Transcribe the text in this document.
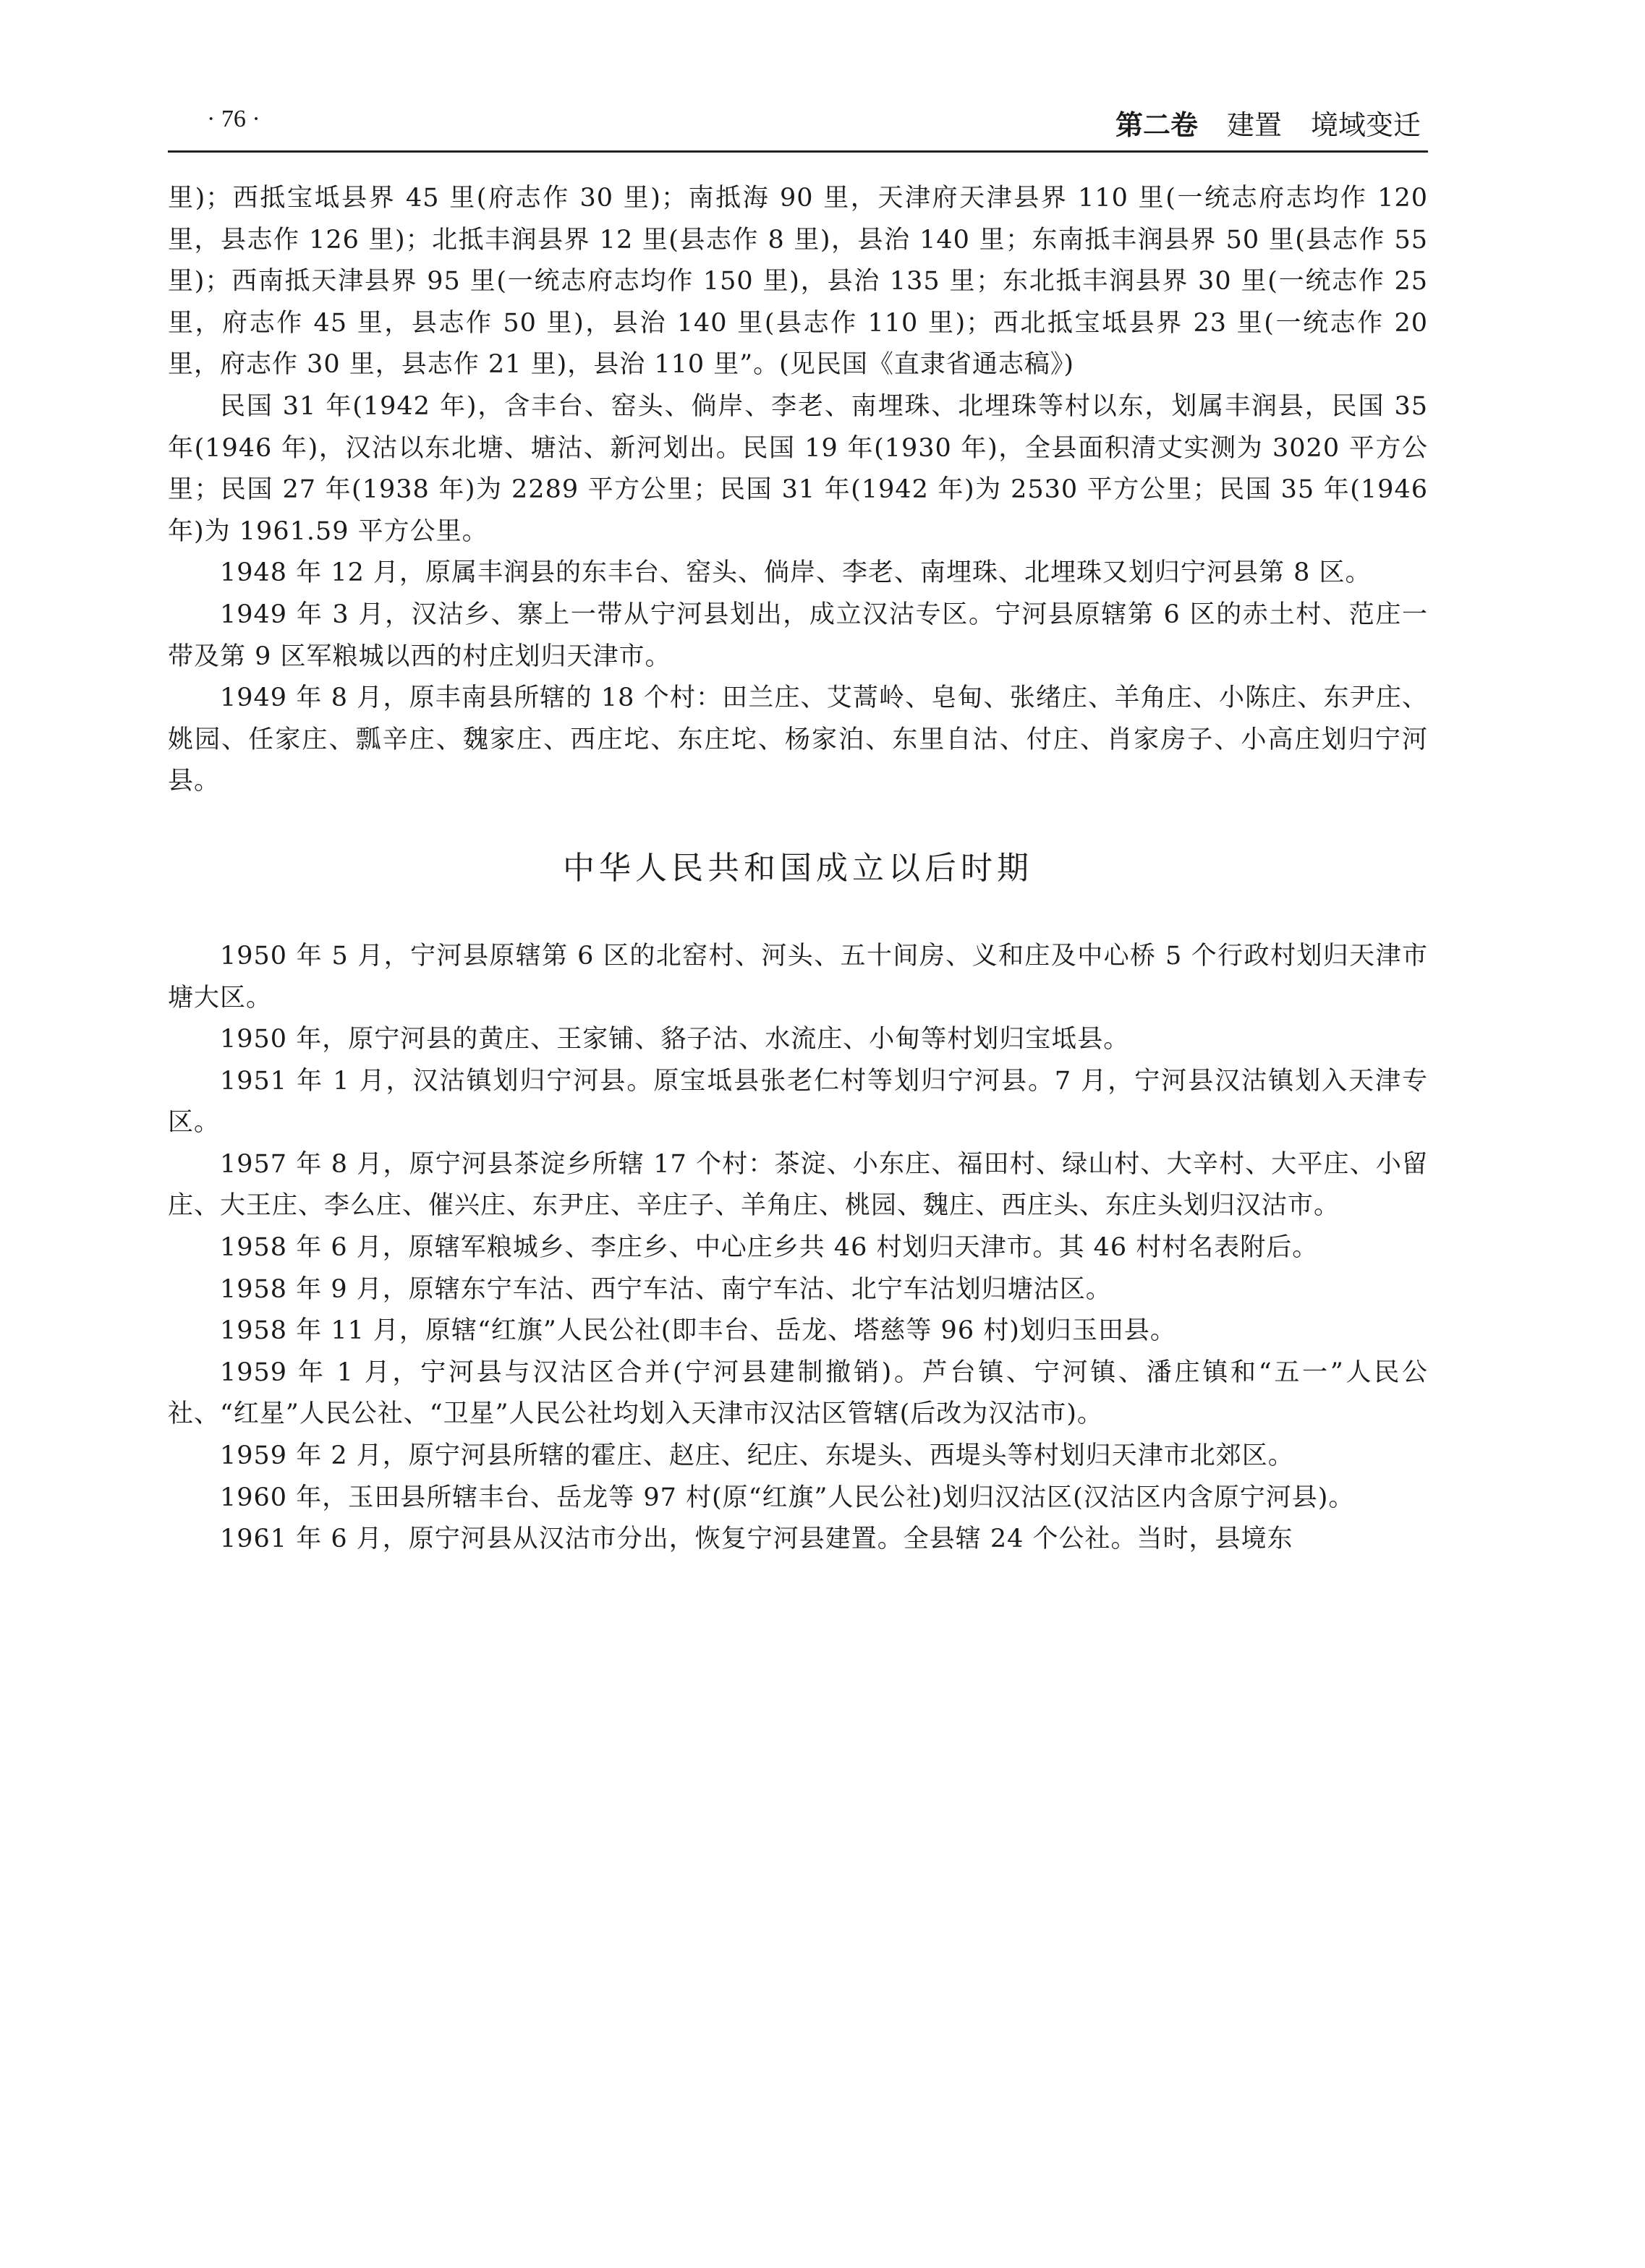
· 76 ·	第二卷 建置 境域变迁

里)；西抵宝坻县界 45 里(府志作 30 里)；南抵海 90 里，天津府天津县界 110 里(一统志府志均作 120 里，县志作 126 里)；北抵丰润县界 12 里(县志作 8 里)，县治 140 里；东南抵丰润县界 50 里(县志作 55 里)；西南抵天津县界 95 里(一统志府志均作 150 里)，县治 135 里；东北抵丰润县界 30 里(一统志作 25 里，府志作 45 里，县志作 50 里)，县治 140 里(县志作 110 里)；西北抵宝坻县界 23 里(一统志作 20 里，府志作 30 里，县志作 21 里)，县治 110 里”。(见民国《直隶省通志稿》)

民国 31 年(1942 年)，含丰台、窑头、倘岸、李老、南埋珠、北埋珠等村以东，划属丰润县，民国 35 年(1946 年)，汉沽以东北塘、塘沽、新河划出。民国 19 年(1930 年)，全县面积清丈实测为 3020 平方公里；民国 27 年(1938 年)为 2289 平方公里；民国 31 年(1942 年)为 2530 平方公里；民国 35 年(1946 年)为 1961.59 平方公里。

1948 年 12 月，原属丰润县的东丰台、窑头、倘岸、李老、南埋珠、北埋珠又划归宁河县第 8 区。

1949 年 3 月，汉沽乡、寨上一带从宁河县划出，成立汉沽专区。宁河县原辖第 6 区的赤土村、范庄一带及第 9 区军粮城以西的村庄划归天津市。

1949 年 8 月，原丰南县所辖的 18 个村：田兰庄、艾蒿岭、皂甸、张绪庄、羊角庄、小陈庄、东尹庄、姚园、任家庄、瓢辛庄、魏家庄、西庄坨、东庄坨、杨家泊、东里自沽、付庄、肖家房子、小高庄划归宁河县。

中华人民共和国成立以后时期

1950 年 5 月，宁河县原辖第 6 区的北窑村、河头、五十间房、义和庄及中心桥 5 个行政村划归天津市塘大区。

1950 年，原宁河县的黄庄、王家铺、貉子沽、水流庄、小甸等村划归宝坻县。

1951 年 1 月，汉沽镇划归宁河县。原宝坻县张老仁村等划归宁河县。7 月，宁河县汉沽镇划入天津专区。

1957 年 8 月，原宁河县茶淀乡所辖 17 个村：茶淀、小东庄、福田村、绿山村、大辛村、大平庄、小留庄、大王庄、李么庄、催兴庄、东尹庄、辛庄子、羊角庄、桃园、魏庄、西庄头、东庄头划归汉沽市。

1958 年 6 月，原辖军粮城乡、李庄乡、中心庄乡共 46 村划归天津市。其 46 村村名表附后。

1958 年 9 月，原辖东宁车沽、西宁车沽、南宁车沽、北宁车沽划归塘沽区。

1958 年 11 月，原辖“红旗”人民公社(即丰台、岳龙、塔慈等 96 村)划归玉田县。

1959 年 1 月，宁河县与汉沽区合并(宁河县建制撤销)。芦台镇、宁河镇、潘庄镇和“五一”人民公社、“红星”人民公社、“卫星”人民公社均划入天津市汉沽区管辖(后改为汉沽市)。

1959 年 2 月，原宁河县所辖的霍庄、赵庄、纪庄、东堤头、西堤头等村划归天津市北郊区。

1960 年，玉田县所辖丰台、岳龙等 97 村(原“红旗”人民公社)划归汉沽区(汉沽区内含原宁河县)。

1961 年 6 月，原宁河县从汉沽市分出，恢复宁河县建置。全县辖 24 个公社。当时，县境东
